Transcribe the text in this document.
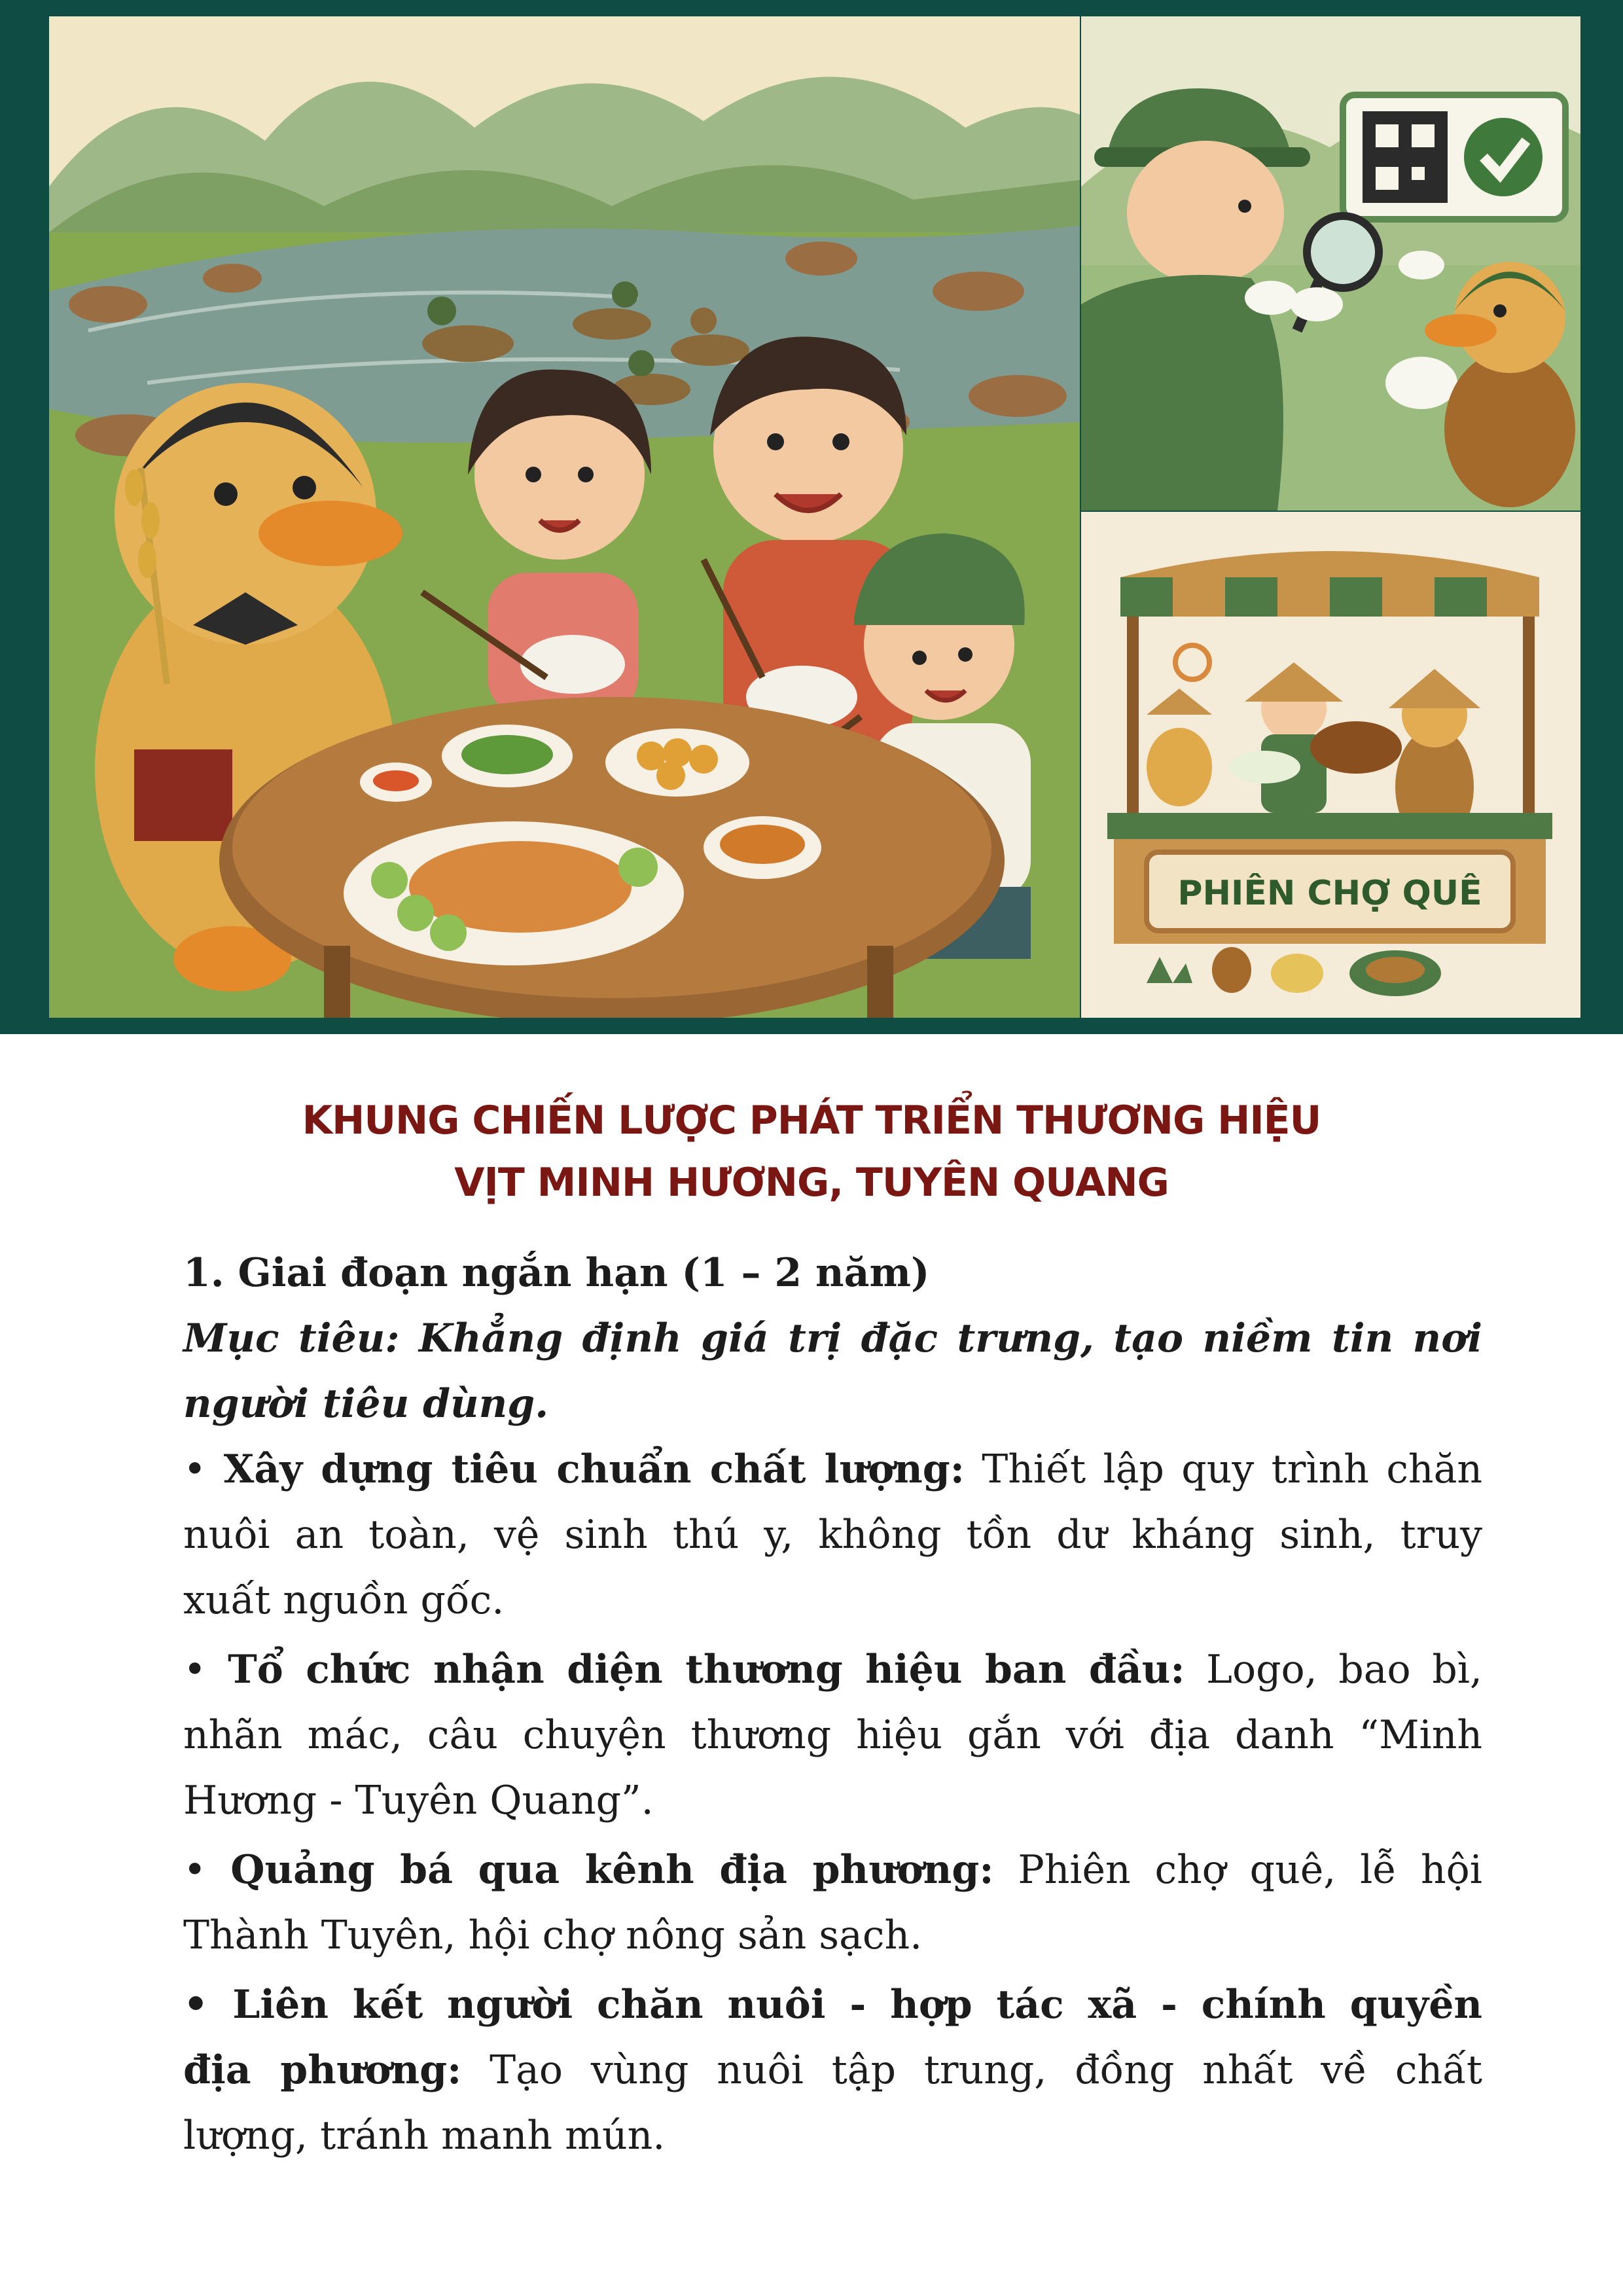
PHIÊN CHỢ QUÊ
KHUNG CHIẾN LƯỢC PHÁT TRIỂN THƯƠNG HIỆU
VỊT MINH HƯƠNG, TUYÊN QUANG
1. Giai đoạn ngắn hạn (1 – 2 năm)
Mục tiêu: Khẳng định giá trị đặc trưng, tạo niềm tin nơi
người tiêu dùng.
• Xây dựng tiêu chuẩn chất lượng: Thiết lập quy trình chăn
nuôi an toàn, vệ sinh thú y, không tồn dư kháng sinh, truy
xuất nguồn gốc.
• Tổ chức nhận diện thương hiệu ban đầu: Logo, bao bì,
nhãn mác, câu chuyện thương hiệu gắn với địa danh “Minh
Hương - Tuyên Quang”.
• Quảng bá qua kênh địa phương: Phiên chợ quê, lễ hội
Thành Tuyên, hội chợ nông sản sạch.
• Liên kết người chăn nuôi - hợp tác xã - chính quyền
địa phương: Tạo vùng nuôi tập trung, đồng nhất về chất
lượng, tránh manh mún.
